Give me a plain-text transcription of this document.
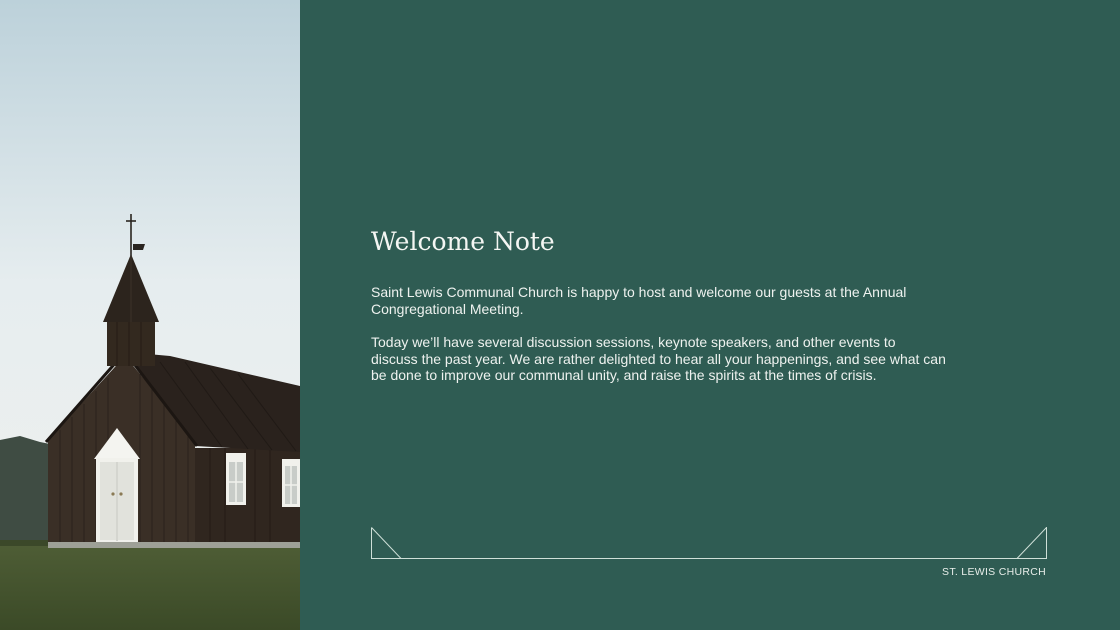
Welcome Note

Saint Lewis Communal Church is happy to host and welcome our guests at the Annual Congregational Meeting.

Today we’ll have several discussion sessions, keynote speakers, and other events to discuss the past year. We are rather delighted to hear all your happenings, and see what can be done to improve our communal unity, and raise the spirits at the times of crisis.

ST. LEWIS CHURCH
